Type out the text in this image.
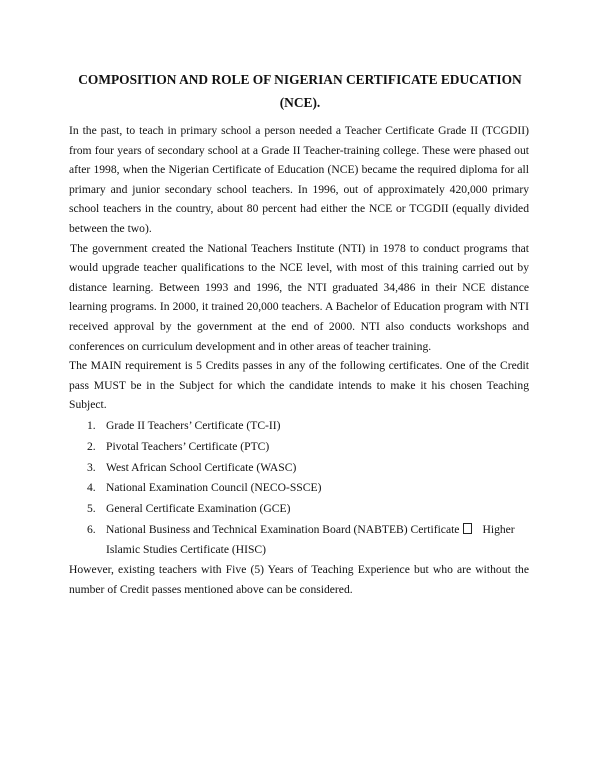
COMPOSITION AND ROLE OF NIGERIAN CERTIFICATE EDUCATION (NCE).

In the past, to teach in primary school a person needed a Teacher Certificate Grade II (TCGDII) from four years of secondary school at a Grade II Teacher-training college. These were phased out after 1998, when the Nigerian Certificate of Education (NCE) became the required diploma for all primary and junior secondary school teachers. In 1996, out of approximately 420,000 primary school teachers in the country, about 80 percent had either the NCE or TCGDII (equally divided between the two).

The government created the National Teachers Institute (NTI) in 1978 to conduct programs that would upgrade teacher qualifications to the NCE level, with most of this training carried out by distance learning. Between 1993 and 1996, the NTI graduated 34,486 in their NCE distance learning programs. In 2000, it trained 20,000 teachers. A Bachelor of Education program with NTI received approval by the government at the end of 2000. NTI also conducts workshops and conferences on curriculum development and in other areas of teacher training.

The MAIN requirement is 5 Credits passes in any of the following certificates. One of the Credit pass MUST be in the Subject for which the candidate intends to make it his chosen Teaching Subject.

1. Grade II Teachers’ Certificate (TC-II)
2. Pivotal Teachers’ Certificate (PTC)
3. West African School Certificate (WASC)
4. National Examination Council (NECO-SSCE)
5. General Certificate Examination (GCE)
6. National Business and Technical Examination Board (NABTEB) Certificate Higher Islamic Studies Certificate (HISC)

However, existing teachers with Five (5) Years of Teaching Experience but who are without the number of Credit passes mentioned above can be considered.
